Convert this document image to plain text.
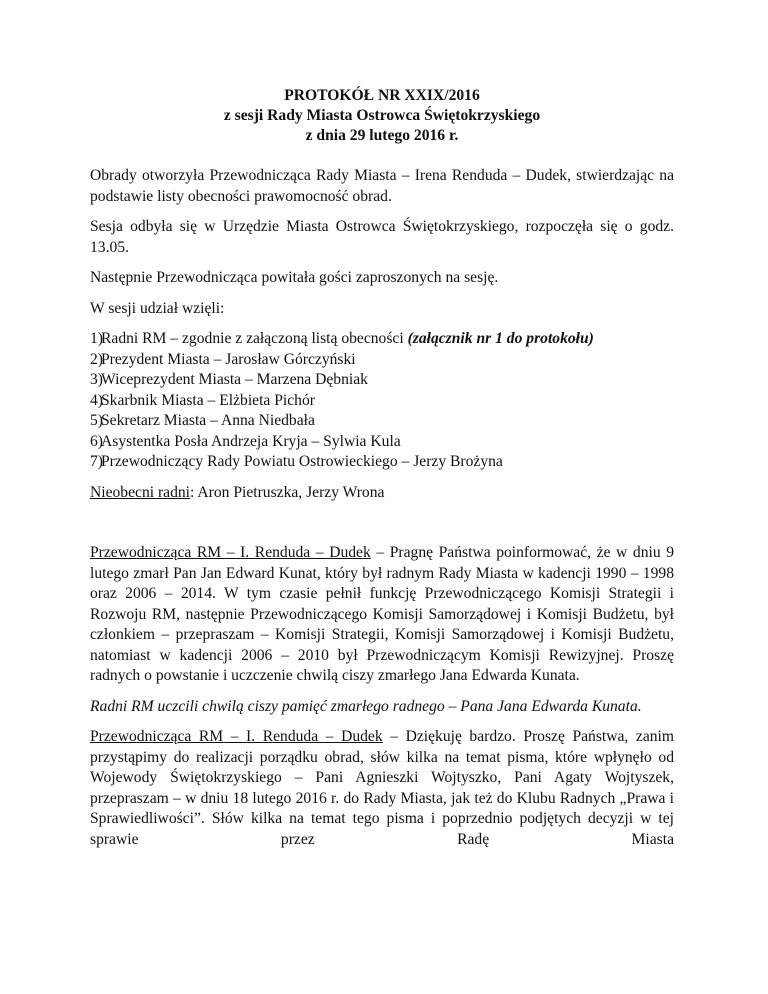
PROTOKÓŁ NR XXIX/2016
z sesji Rady Miasta Ostrowca Świętokrzyskiego
z dnia 29 lutego 2016 r.

Obrady otworzyła Przewodnicząca Rady Miasta – Irena Renduda – Dudek, stwierdzając na podstawie listy obecności prawomocność obrad.

Sesja odbyła się w Urzędzie Miasta Ostrowca Świętokrzyskiego, rozpoczęła się o godz. 13.05.

Następnie Przewodnicząca powitała gości zaproszonych na sesję.

W sesji udział wzięli:

1)
Radni RM – zgodnie z załączoną listą obecności (załącznik nr 1 do protokołu)
2)
Prezydent Miasta – Jarosław Górczyński
3)
Wiceprezydent Miasta – Marzena Dębniak
4)
Skarbnik Miasta – Elżbieta Pichór
5)
Sekretarz Miasta – Anna Niedbała
6)
Asystentka Posła Andrzeja Kryja – Sylwia Kula
7)
Przewodniczący Rady Powiatu Ostrowieckiego – Jerzy Brożyna

Nieobecni radni: Aron Pietruszka, Jerzy Wrona

Przewodnicząca RM – I. Renduda – Dudek – Pragnę Państwa poinformować, że w dniu 9 lutego zmarł Pan Jan Edward Kunat, który był radnym Rady Miasta w kadencji 1990 – 1998 oraz 2006 – 2014. W tym czasie pełnił funkcję Przewodniczącego Komisji Strategii i Rozwoju RM, następnie Przewodniczącego Komisji Samorządowej i Komisji Budżetu, był członkiem – przepraszam – Komisji Strategii, Komisji Samorządowej i Komisji Budżetu, natomiast w kadencji 2006 – 2010 był Przewodniczącym Komisji Rewizyjnej. Proszę radnych o powstanie i uczczenie chwilą ciszy zmarłego Jana Edwarda Kunata.

Radni RM uczcili chwilą ciszy pamięć zmarłego radnego – Pana Jana Edwarda Kunata.

Przewodnicząca RM – I. Renduda – Dudek – Dziękuję bardzo. Proszę Państwa, zanim przystąpimy do realizacji porządku obrad, słów kilka na temat pisma, które wpłynęło od Wojewody Świętokrzyskiego – Pani Agnieszki Wojtyszko, Pani Agaty Wojtyszek, przepraszam – w dniu 18 lutego 2016 r. do Rady Miasta, jak też do Klubu Radnych „Prawa i Sprawiedliwości”. Słów kilka na temat tego pisma i poprzednio podjętych decyzji w tej sprawie przez Radę Miasta
